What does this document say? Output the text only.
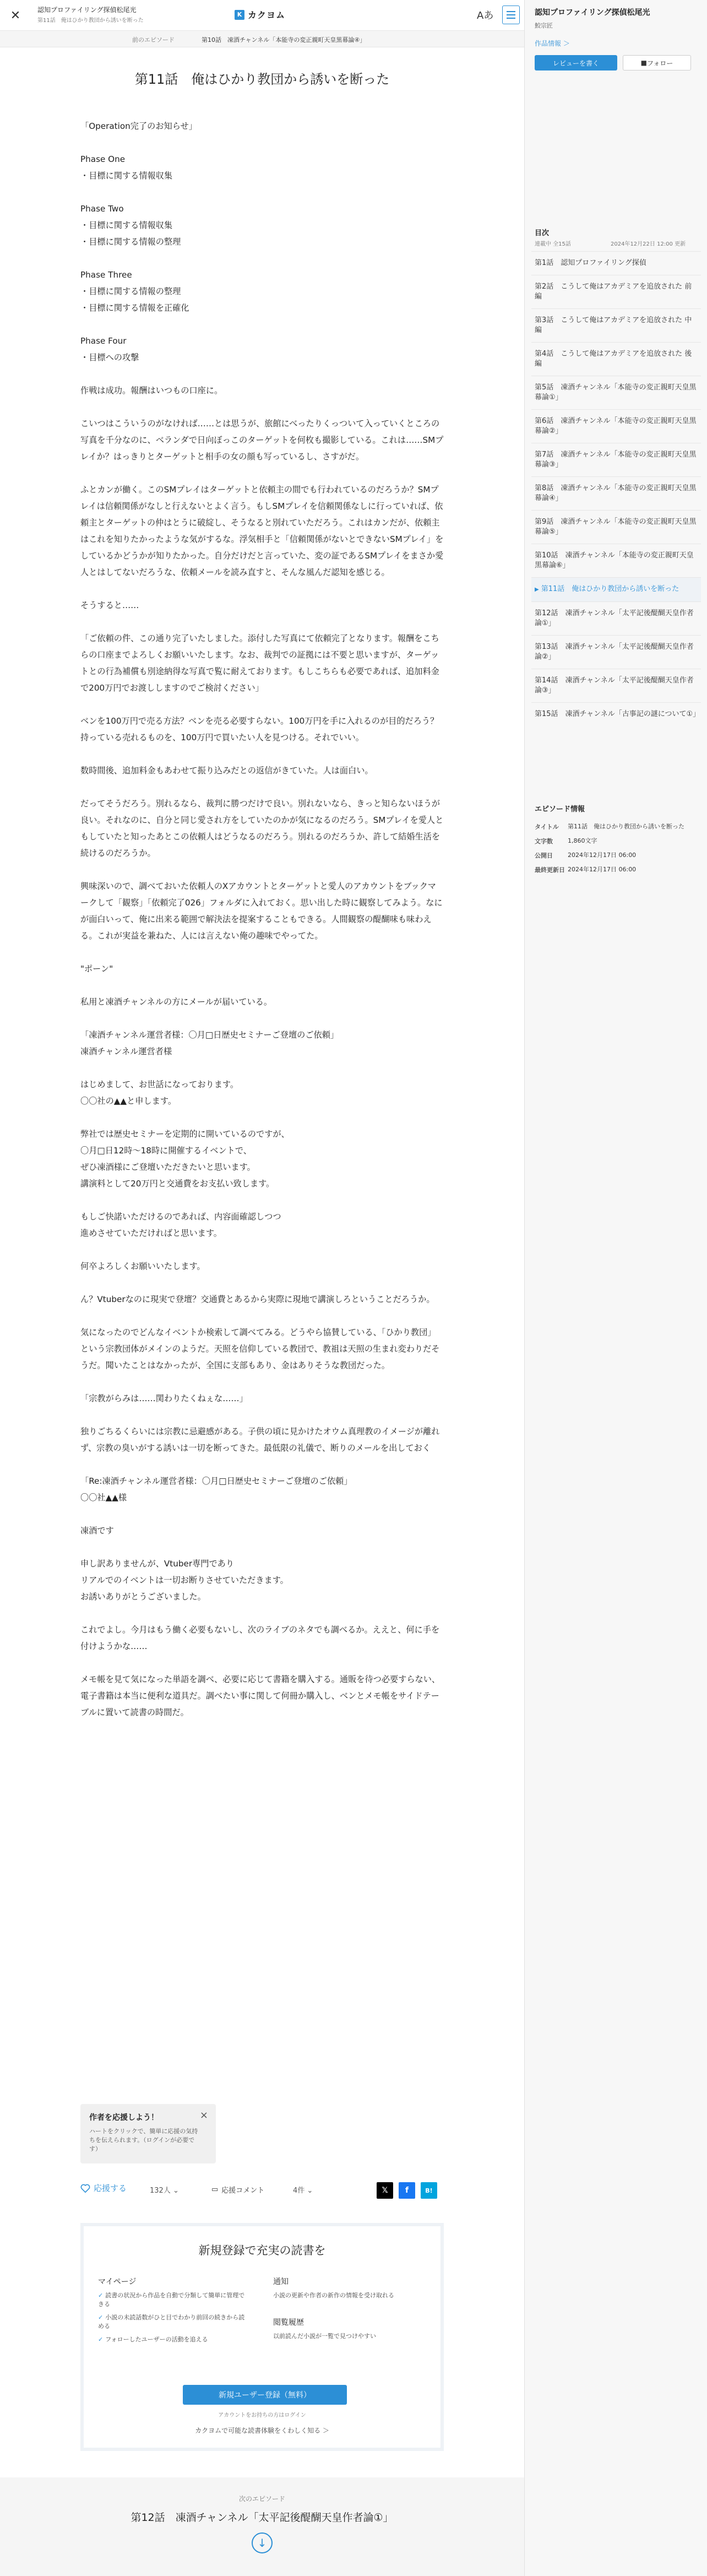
✕	認知プロファイリング探偵松尾光
第11話　俺はひかり教団から誘いを断った
K カクヨム	Aあ
前のエピソード	第10話　凍酒チャンネル「本能寺の変正親町天皇黒幕論④」
第11話　俺はひかり教団から誘いを断った

「Operation完了のお知らせ」

Phase One
・目標に関する情報収集

Phase Two
・目標に関する情報収集
・目標に関する情報の整理

Phase Three
・目標に関する情報の整理
・目標に関する情報を正確化

Phase Four
・目標への攻撃

作戦は成功。報酬はいつもの口座に。

こいつはこういうのがなければ……とは思うが、旅館にべったりくっついて入っていくところの写真を千分なのに、ベランダで日向ぼっこのターゲットを何枚も撮影している。これは……SMプレイか？はっきりとターゲットと相手の女の顔も写っているし、さすがだ。

ふとカンが働く。このSMプレイはターゲットと依頼主の間でも行われているのだろうか？SMプレイは信頼関係がなしと行えないとよく言う。もしSMプレイを信頼関係なしに行っていれば、依頼主とターゲットの仲はとうに破綻し、そうなると別れていただろう。これはカンだが、依頼主はこれを知りたかったような気がするな。浮気相手と「信頼関係がないとできないSMプレイ」をしているかどうかが知りたかった。自分だけだと言っていた、変の証であるSMプレイをまさか愛人とはしてないだろうな、依頼メールを読み直すと、そんな風んだ認知を感じる。

そうすると……

「ご依頼の件、この通り完了いたしました。添付した写真にて依頼完了となります。報酬をこちらの口座までよろしくお願いいたします。なお、裁判での証拠には不要と思いますが、ターゲットとの行為補償も別途納得な写真で覧に耐えております。もしこちらも必要であれば、追加料金で200万円でお渡ししますのでご検討ください」

ベンを100万円で売る方法？ベンを売る必要すらない。100万円を手に入れるのが目的だろう？持っている売れるものを、100万円で買いたい人を見つける。それでいい。

数時間後、追加料金もあわせて振り込みだとの返信がきていた。人は面白い。

だってそうだろう。別れるなら、裁判に勝つだけで良い。別れないなら、きっと知らないほうが良い。それなのに、自分と同じ愛され方をしていたのかが気になるのだろう。SMプレイを愛人ともしていたと知ったあとこの依頼人はどうなるのだろう。別れるのだろうか、許して結婚生活を続けるのだろうか。

興味深いので、調べておいた依頼人のXアカウントとターゲットと愛人のアカウントをブックマークして「観察」「依頼完了026」フォルダに入れておく。思い出した時に観察してみよう。なにが面白いって、俺に出来る範囲で解決法を提案することもできる。人間観察の醍醐味も味わえる。これが実益を兼ねた、人には言えない俺の趣味でやってた。

"ポーン"

私用と凍酒チャンネルの方にメールが届いている。

「凍酒チャンネル運営者様：〇月□日歴史セミナーご登壇のご依頼」
凍酒チャンネル運営者様

はじめまして、お世話になっております。
〇〇社の▲▲と申します。

弊社では歴史セミナーを定期的に開いているのですが、
〇月□日12時〜18時に開催するイベントで、
ぜひ凍酒様にご登壇いただきたいと思います。
講演料として20万円と交通費をお支払い致します。

もしご快諾いただけるのであれば、内容面確認しつつ
進めさせていただければと思います。

何卒よろしくお願いいたします。

ん？Vtuberなのに現実で登壇？交通費とあるから実際に現地で講演しろということだろうか。

気になったのでどんなイベントか検索して調べてみる。どうやら協賛している、「ひかり教団」という宗教団体がメインのようだ。天照を信仰している教団で、教祖は天照の生まれ変わりだそうだ。聞いたことはなかったが、全国に支部もあり、金はありそうな教団だった。

「宗教がらみは……関わりたくねぇな……」

独りごちるくらいには宗教に忌避感がある。子供の頃に見かけたオウム真理教のイメージが離れず、宗教の臭いがする誘いは一切を断ってきた。最低限の礼儀で、断りのメールを出しておく

「Re:凍酒チャンネル運営者様：〇月□日歴史セミナーご登壇のご依頼」
〇〇社▲▲様

凍酒です

申し訳ありませんが、Vtuber専門であり
リアルでのイベントは一切お断りさせていただきます。
お誘いありがとうございました。

これでよし。今月はもう働く必要もないし、次のライブのネタでも調べるか。ええと、何に手を付けようかな……

メモ帳を見て気になった単語を調べ、必要に応じて書籍を購入する。通販を待つ必要すらない、電子書籍は本当に便利な道具だ。調べたい事に関して何冊か購入し、ベンとメモ帳をサイドテーブルに置いて読書の時間だ。

作者を応援しよう！	×
ハートをクリックで、簡単に応援の気持ちを伝えられます。（ログインが必要です）
応援する	132人 ⌄	▭ 応援コメント	4件 ⌄	𝕏	f	B!
新規登録で充実の読書を
マイページ
✓ 読書の状況から作品を自動で分類して簡単に管理できる
✓ 小説の未読話数がひと目でわかり前回の続きから読める
✓ フォローしたユーザーの活動を追える
通知
小説の更新や作者の新作の情報を受け取れる
閲覧履歴
以前読んだ小説が一覧で見つけやすい
新規ユーザー登録（無料）
アカウントをお持ちの方はログイン
カクヨムで可能な読書体験をくわしく知る ＞
次のエピソード
第12話　凍酒チャンネル「太平記後醍醐天皇作者論①」
↓
認知プロファイリング探偵松尾光
鮫宗匠
作品情報 ＞
レビューを書く	■ フォロー
目次
連載中 全15話	2024年12月22日 12:00 更新
第1話　認知プロファイリング探偵
第2話　こうして俺はアカデミアを追放された 前編
第3話　こうして俺はアカデミアを追放された 中編
第4話　こうして俺はアカデミアを追放された 後編
第5話　凍酒チャンネル「本能寺の変正親町天皇黒幕論①」
第6話　凍酒チャンネル「本能寺の変正親町天皇黒幕論②」
第7話　凍酒チャンネル「本能寺の変正親町天皇黒幕論③」
第8話　凍酒チャンネル「本能寺の変正親町天皇黒幕論④」
第9話　凍酒チャンネル「本能寺の変正親町天皇黒幕論⑤」
第10話　凍酒チャンネル「本能寺の変正親町天皇黒幕論⑥」
▶ 第11話　俺はひかり教団から誘いを断った
第12話　凍酒チャンネル「太平記後醍醐天皇作者論①」
第13話　凍酒チャンネル「太平記後醍醐天皇作者論②」
第14話　凍酒チャンネル「太平記後醍醐天皇作者論③」
第15話　凍酒チャンネル「古事記の謎について①」
エピソード情報
タイトル	第11話　俺はひかり教団から誘いを断った
文字数	1,860文字
公開日	2024年12月17日 06:00
最終更新日 2024年12月17日 06:00
